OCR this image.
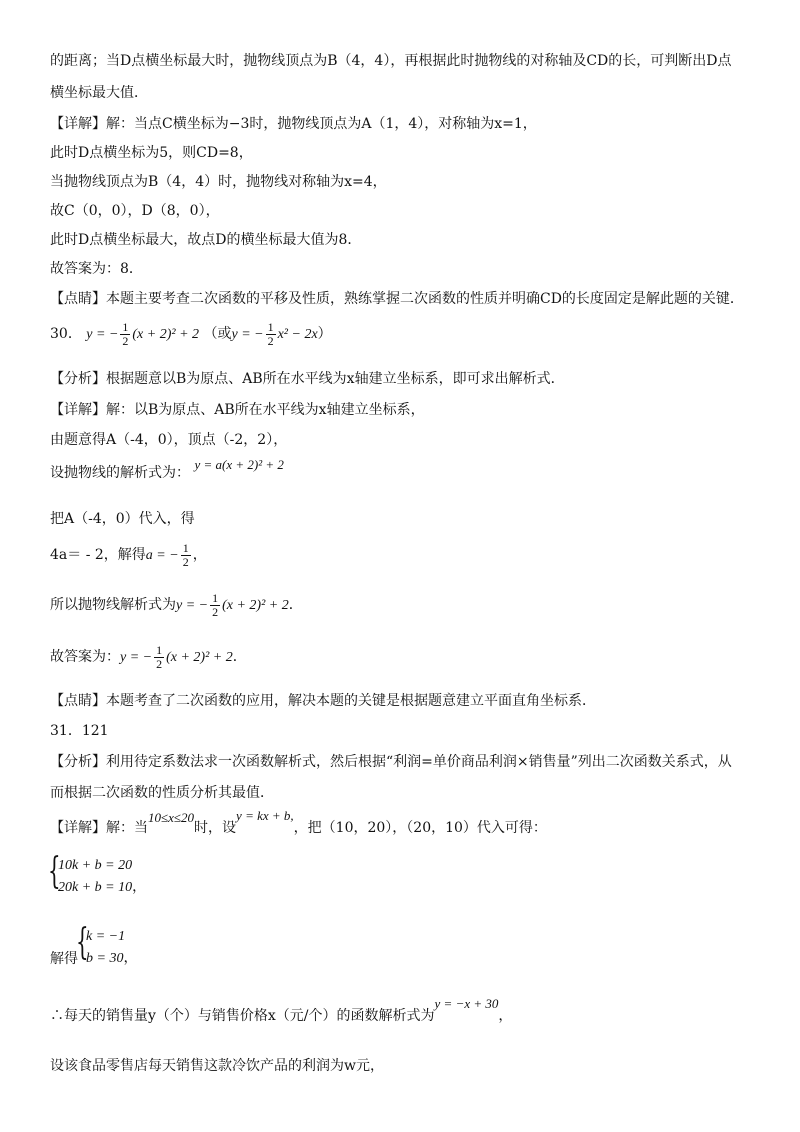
的距离；当D点横坐标最大时，抛物线顶点为B（4，4），再根据此时抛物线的对称轴及CD的长，可判断出D点
横坐标最大值．
【详解】解：当点C横坐标为−3时，抛物线顶点为A（1，4），对称轴为x=1，
此时D点横坐标为5，则CD=8，
当抛物线顶点为B（4，4）时，抛物线对称轴为x=4，
故C（0，0），D（8，0），
此时D点横坐标最大，故点D的横坐标最大值为8．
故答案为：8．
【点睛】本题主要考查二次函数的平移及性质，熟练掌握二次函数的性质并明确CD的长度固定是解此题的关键．
30． y = − $\frac{1}{2} (x + 2)^2 + 2$ （或y = − $\frac{1}{2} x^2 - 2x$）
【分析】根据题意以B为原点、AB所在水平线为x轴建立坐标系，即可求出解析式．
【详解】解：以B为原点、AB所在水平线为x轴建立坐标系，
由题意得A（-4，0），顶点（-2，2），
设抛物线的解析式为： y = a(x + 2)² + 2
把A（-4，0）代入，得
4a＝ - 2，解得a = − $\frac{1}{2}$ ，
所以抛物线解析式为y = − $\frac{1}{2} (x + 2)^2 + 2$．
故答案为：y = − $\frac{1}{2} (x + 2)^2 + 2$．
【点睛】本题考查了二次函数的应用，解决本题的关键是根据题意建立平面直角坐标系．
31．121
【分析】利用待定系数法求一次函数解析式，然后根据“利润=单价商品利润×销售量”列出二次函数关系式，从
而根据二次函数的性质分析其最值．
【详解】解：当10≤x≤20时，设y = kx + b,，把（10，20），（20，10）代入可得：
{
10k + b = 20
20k + b = 10，
解得
{
k = −1
b = 30，
∴每天的销售量y（个）与销售价格x（元/个）的函数解析式为y = −x + 30，
设该食品零售店每天销售这款冷饮产品的利润为w元，
